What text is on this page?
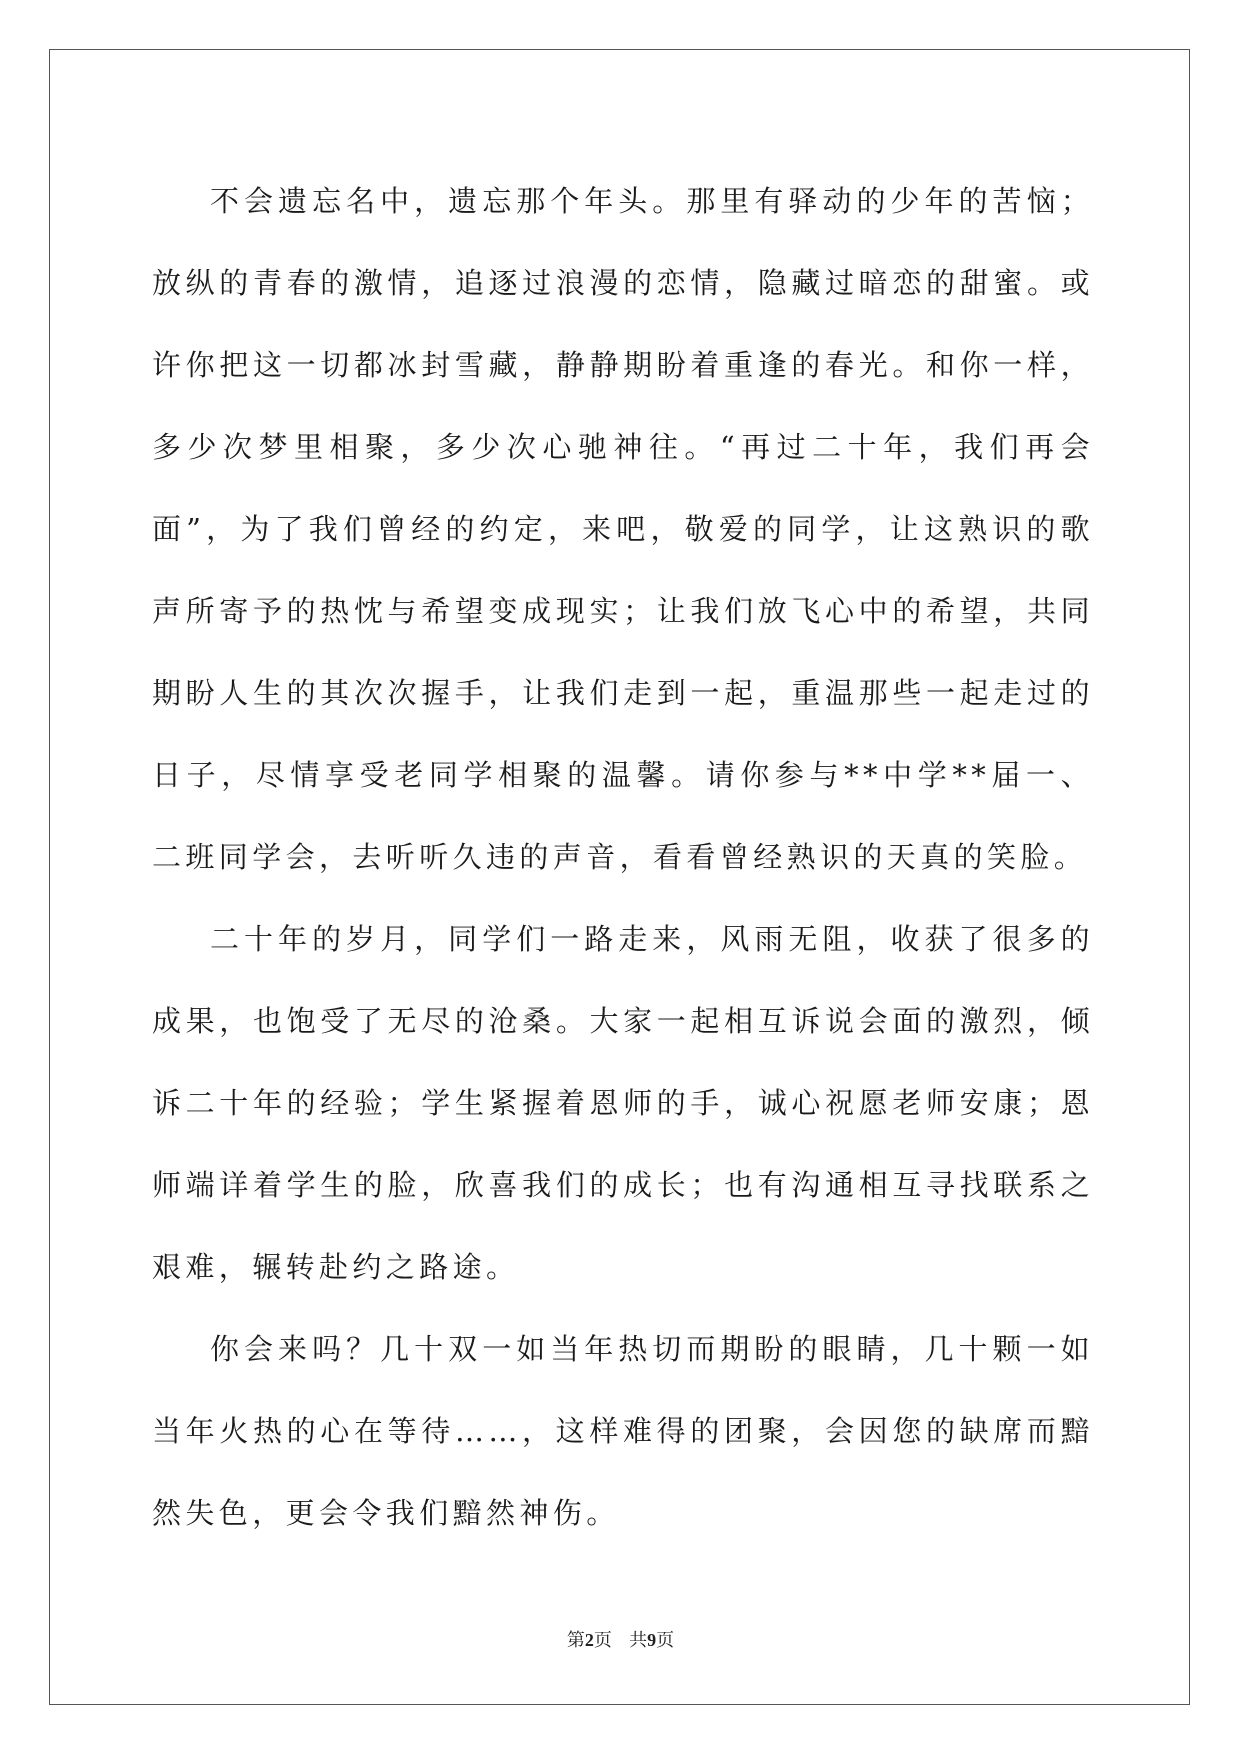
不会遗忘名中，遗忘那个年头。那里有驿动的少年的苦恼；放纵的青春的激情，追逐过浪漫的恋情，隐藏过暗恋的甜蜜。或许你把这一切都冰封雪藏，静静期盼着重逢的春光。和你一样，多少次梦里相聚，多少次心驰神往。“再过二十年，我们再会面”，为了我们曾经的约定，来吧，敬爱的同学，让这熟识的歌声所寄予的热忱与希望变成现实；让我们放飞心中的希望，共同期盼人生的其次次握手，让我们走到一起，重温那些一起走过的日子，尽情享受老同学相聚的温馨。请你参与**中学**届一、二班同学会，去听听久违的声音，看看曾经熟识的天真的笑脸。

二十年的岁月，同学们一路走来，风雨无阻，收获了很多的成果，也饱受了无尽的沧桑。大家一起相互诉说会面的激烈，倾诉二十年的经验；学生紧握着恩师的手，诚心祝愿老师安康；恩师端详着学生的脸，欣喜我们的成长；也有沟通相互寻找联系之艰难，辗转赴约之路途。

你会来吗？几十双一如当年热切而期盼的眼睛，几十颗一如当年火热的心在等待……，这样难得的团聚，会因您的缺席而黯然失色，更会令我们黯然神伤。

第2页 共9页
